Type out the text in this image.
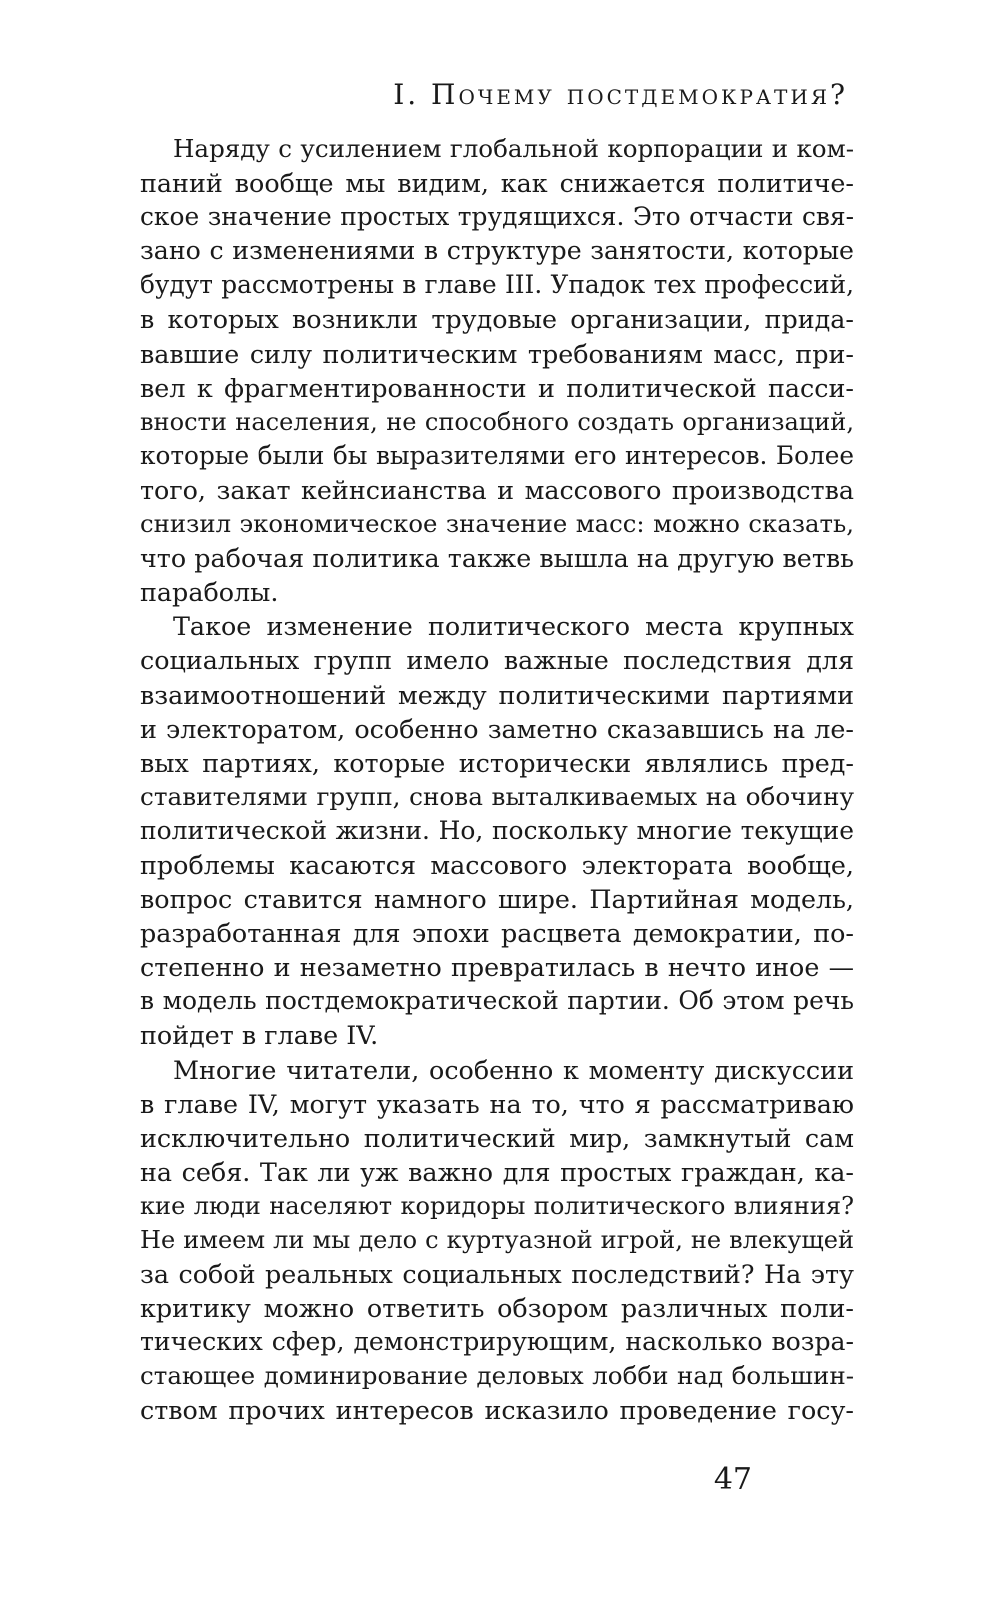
I. Почему постдемократия?
Наряду с усилением глобальной корпорации и ком-
паний вообще мы видим, как снижается политиче-
ское значение простых трудящихся. Это отчасти свя-
зано с изменениями в структуре занятости, которые
будут рассмотрены в главе III. Упадок тех профессий,
в которых возникли трудовые организации, прида-
вавшие силу политическим требованиям масс, при-
вел к фрагментированности и политической пасси-
вности населения, не способного создать организаций,
которые были бы выразителями его интересов. Более
того, закат кейнсианства и массового производства
снизил экономическое значение масс: можно сказать,
что рабочая политика также вышла на другую ветвь
параболы.
Такое изменение политического места крупных
социальных групп имело важные последствия для
взаимоотношений между политическими партиями
и электоратом, особенно заметно сказавшись на ле-
вых партиях, которые исторически являлись пред-
ставителями групп, снова выталкиваемых на обочину
политической жизни. Но, поскольку многие текущие
проблемы касаются массового электората вообще,
вопрос ставится намного шире. Партийная модель,
разработанная для эпохи расцвета демократии, по-
степенно и незаметно превратилась в нечто иное —
в модель постдемократической партии. Об этом речь
пойдет в главе IV.
Многие читатели, особенно к моменту дискуссии
в главе IV, могут указать на то, что я рассматриваю
исключительно политический мир, замкнутый сам
на себя. Так ли уж важно для простых граждан, ка-
кие люди населяют коридоры политического влияния?
Не имеем ли мы дело с куртуазной игрой, не влекущей
за собой реальных социальных последствий? На эту
критику можно ответить обзором различных поли-
тических сфер, демонстрирующим, насколько возра-
стающее доминирование деловых лобби над большин-
ством прочих интересов исказило проведение госу-
47
